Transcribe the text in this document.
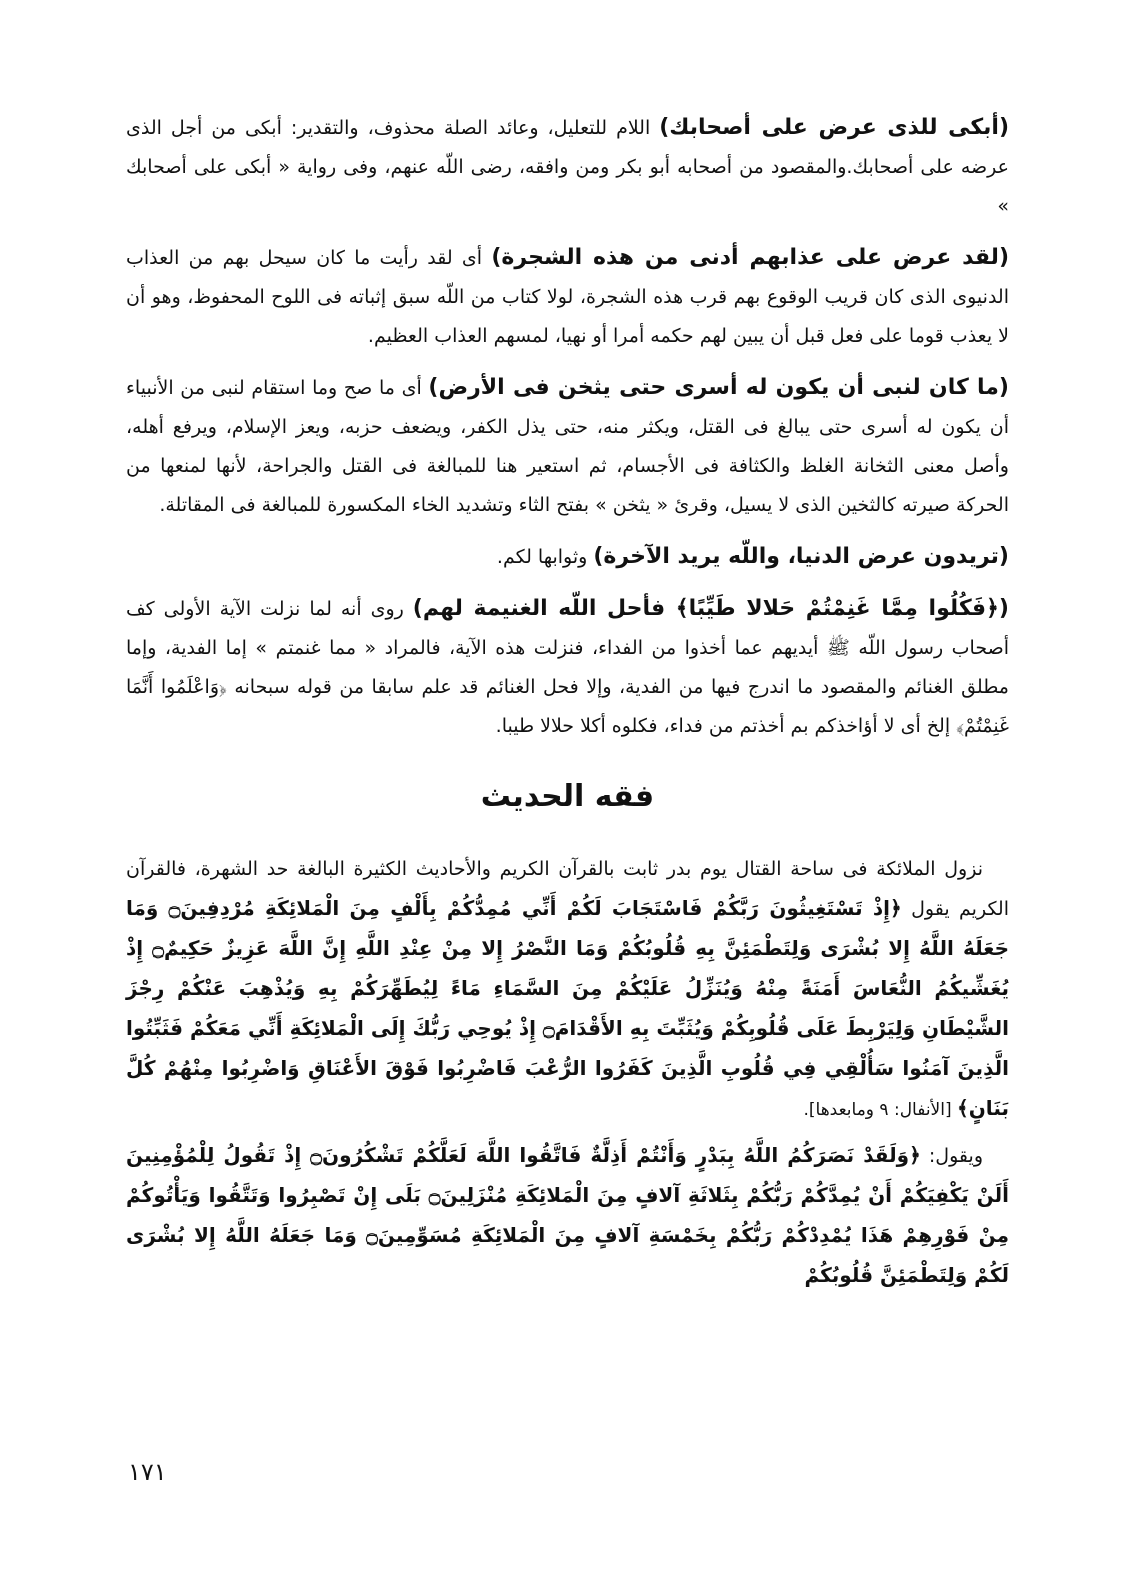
(أبكى للذى عرض على أصحابك) اللام للتعليل، وعائد الصلة محذوف، والتقدير: أبكى من أجل الذى عرضه على أصحابك.والمقصود من أصحابه أبو بكر ومن وافقه، رضى اللّه عنهم، وفى رواية « أبكى على أصحابك »

(لقد عرض على عذابهم أدنى من هذه الشجرة) أى لقد رأيت ما كان سيحل بهم من العذاب الدنيوى الذى كان قريب الوقوع بهم قرب هذه الشجرة، لولا كتاب من اللّه سبق إثباته فى اللوح المحفوظ، وهو أن لا يعذب قوما على فعل قبل أن يبين لهم حكمه أمرا أو نهيا، لمسهم العذاب العظيم.

(ما كان لنبى أن يكون له أسرى حتى يثخن فى الأرض) أى ما صح وما استقام لنبى من الأنبياء أن يكون له أسرى حتى يبالغ فى القتل، ويكثر منه، حتى يذل الكفر، ويضعف حزبه، ويعز الإسلام، ويرفع أهله، وأصل معنى الثخانة الغلظ والكثافة فى الأجسام، ثم استعير هنا للمبالغة فى القتل والجراحة، لأنها لمنعها من الحركة صيرته كالثخين الذى لا يسيل، وقرئ « يثخن » بفتح الثاء وتشديد الخاء المكسورة للمبالغة فى المقاتلة.

(تريدون عرض الدنيا، واللّه يريد الآخرة) وثوابها لكم.

(﴿فَكُلُوا مِمَّا غَنِمْتُمْ حَلالا طَيِّبًا﴾ فأحل اللّه الغنيمة لهم) روى أنه لما نزلت الآية الأولى كف أصحاب رسول اللّه ﷺ أيديهم عما أخذوا من الفداء، فنزلت هذه الآية، فالمراد « مما غنمتم » إما الفدية، وإما مطلق الغنائم والمقصود ما اندرج فيها من الفدية، وإلا فحل الغنائم قد علم سابقا من قوله سبحانه ﴿وَاعْلَمُوا أَنَّمَا غَنِمْتُمْ﴾ إلخ أى لا أؤاخذكم بم أخذتم من فداء، فكلوه أكلا حلالا طيبا.

فقه الحديث

نزول الملائكة فى ساحة القتال يوم بدر ثابت بالقرآن الكريم والأحاديث الكثيرة البالغة حد الشهرة، فالقرآن الكريم يقول ﴿إِذْ تَسْتَغِيثُونَ رَبَّكُمْ فَاسْتَجَابَ لَكُمْ أَنِّي مُمِدُّكُمْ بِأَلْفٍ مِنَ الْمَلائِكَةِ مُرْدِفِينَ۝ وَمَا جَعَلَهُ اللَّهُ إِلا بُشْرَى وَلِتَطْمَئِنَّ بِهِ قُلُوبُكُمْ وَمَا النَّصْرُ إِلا مِنْ عِنْدِ اللَّهِ إِنَّ اللَّهَ عَزِيزٌ حَكِيمٌ۝ إِذْ يُغَشِّيكُمُ النُّعَاسَ أَمَنَةً مِنْهُ وَيُنَزِّلُ عَلَيْكُمْ مِنَ السَّمَاءِ مَاءً لِيُطَهِّرَكُمْ بِهِ وَيُذْهِبَ عَنْكُمْ رِجْزَ الشَّيْطَانِ وَلِيَرْبِطَ عَلَى قُلُوبِكُمْ وَيُثَبِّتَ بِهِ الأَقْدَامَ۝ إِذْ يُوحِي رَبُّكَ إِلَى الْمَلائِكَةِ أَنِّي مَعَكُمْ فَثَبِّتُوا الَّذِينَ آمَنُوا سَأُلْقِي فِي قُلُوبِ الَّذِينَ كَفَرُوا الرُّعْبَ فَاضْرِبُوا فَوْقَ الأَعْنَاقِ وَاضْرِبُوا مِنْهُمْ كُلَّ بَنَانٍ﴾ [الأنفال: ٩ ومابعدها].

ويقول: ﴿وَلَقَدْ نَصَرَكُمُ اللَّهُ بِبَدْرٍ وَأَنْتُمْ أَذِلَّةٌ فَاتَّقُوا اللَّهَ لَعَلَّكُمْ تَشْكُرُونَ۝ إِذْ تَقُولُ لِلْمُؤْمِنِينَ أَلَنْ يَكْفِيَكُمْ أَنْ يُمِدَّكُمْ رَبُّكُمْ بِثَلاثَةِ آلافٍ مِنَ الْمَلائِكَةِ مُنْزَلِينَ۝ بَلَى إِنْ تَصْبِرُوا وَتَتَّقُوا وَيَأْتُوكُمْ مِنْ فَوْرِهِمْ هَذَا يُمْدِدْكُمْ رَبُّكُمْ بِخَمْسَةِ آلافٍ مِنَ الْمَلائِكَةِ مُسَوِّمِينَ۝ وَمَا جَعَلَهُ اللَّهُ إِلا بُشْرَى لَكُمْ وَلِتَطْمَئِنَّ قُلُوبُكُمْ

١٧١
